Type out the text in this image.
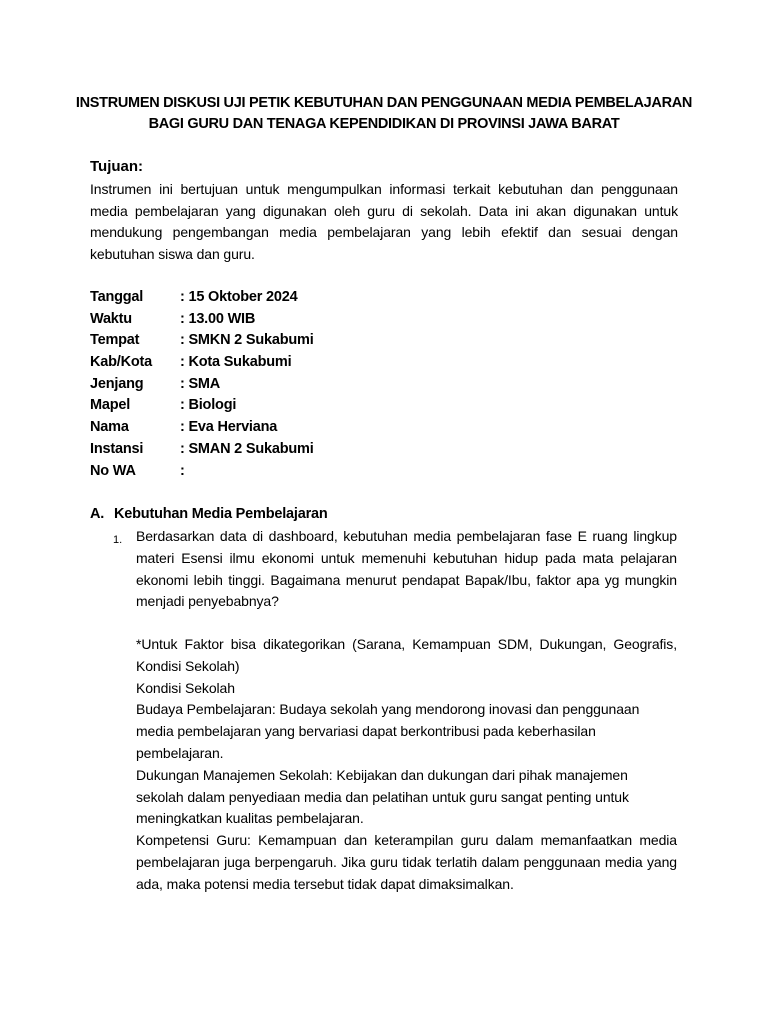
INSTRUMEN DISKUSI UJI PETIK KEBUTUHAN DAN PENGGUNAAN MEDIA PEMBELAJARAN
BAGI GURU DAN TENAGA KEPENDIDIKAN DI PROVINSI JAWA BARAT
Tujuan:
Instrumen ini bertujuan untuk mengumpulkan informasi terkait kebutuhan dan penggunaan media pembelajaran yang digunakan oleh guru di sekolah. Data ini akan digunakan untuk mendukung pengembangan media pembelajaran yang lebih efektif dan sesuai dengan kebutuhan siswa dan guru.
Tanggal	: 15 Oktober 2024
Waktu	: 13.00 WIB
Tempat	: SMKN 2 Sukabumi
Kab/Kota	: Kota Sukabumi
Jenjang	: SMA
Mapel	: Biologi
Nama	: Eva Herviana
Instansi	: SMAN 2 Sukabumi
No WA	:
A. Kebutuhan Media Pembelajaran
1. Berdasarkan data di dashboard, kebutuhan media pembelajaran fase E ruang lingkup materi Esensi ilmu ekonomi untuk memenuhi kebutuhan hidup pada mata pelajaran ekonomi lebih tinggi. Bagaimana menurut pendapat Bapak/Ibu, faktor apa yg mungkin menjadi penyebabnya?

*Untuk Faktor bisa dikategorikan (Sarana, Kemampuan SDM, Dukungan, Geografis, Kondisi Sekolah)

Kondisi Sekolah

Budaya Pembelajaran: Budaya sekolah yang mendorong inovasi dan penggunaan media pembelajaran yang bervariasi dapat berkontribusi pada keberhasilan pembelajaran.

Dukungan Manajemen Sekolah: Kebijakan dan dukungan dari pihak manajemen sekolah dalam penyediaan media dan pelatihan untuk guru sangat penting untuk meningkatkan kualitas pembelajaran.

Kompetensi Guru: Kemampuan dan keterampilan guru dalam memanfaatkan media pembelajaran juga berpengaruh. Jika guru tidak terlatih dalam penggunaan media yang ada, maka potensi media tersebut tidak dapat dimaksimalkan.
